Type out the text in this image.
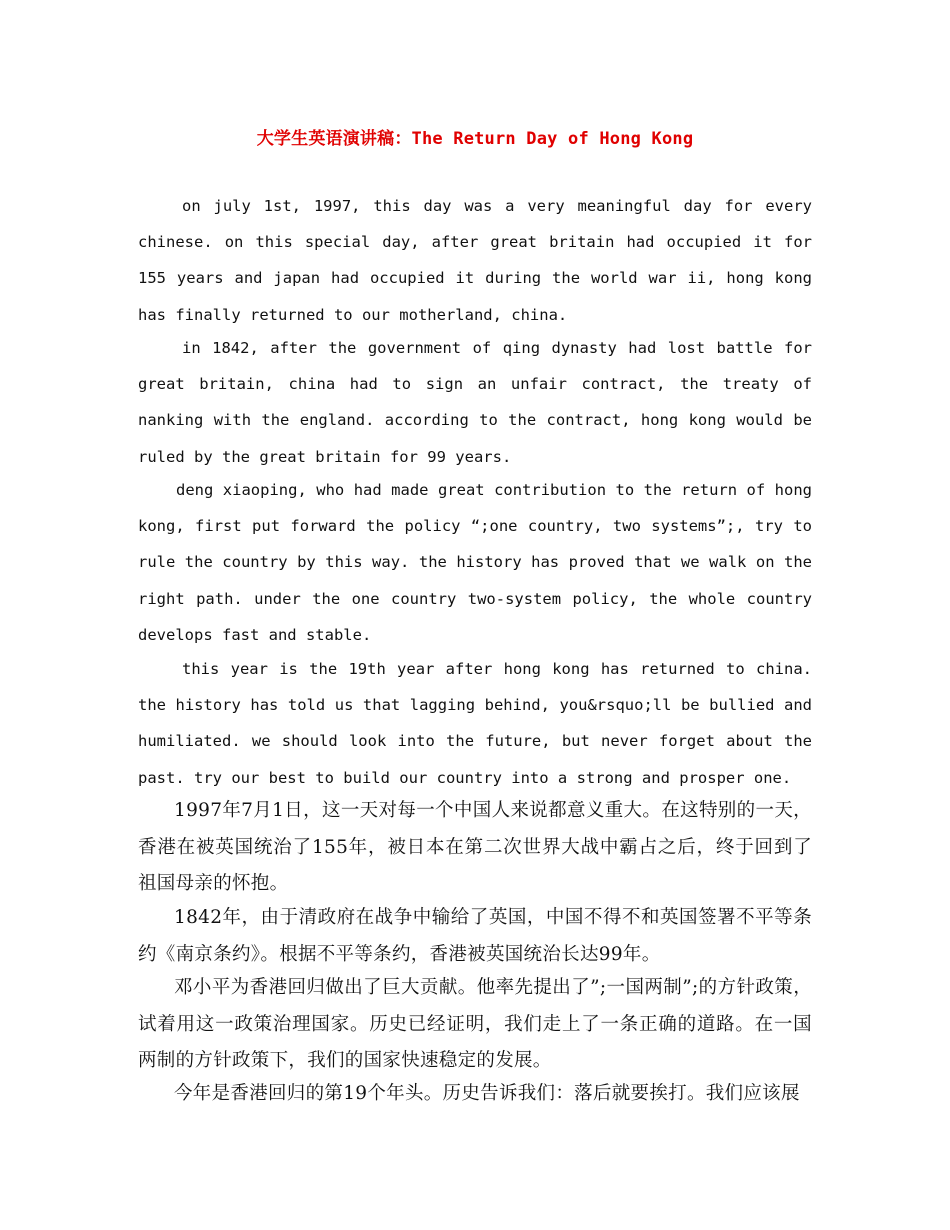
大学生英语演讲稿：The Return Day of Hong Kong

on july 1st, 1997, this day was a very meaningful day for every chinese. on this special day, after great britain had occupied it for 155 years and japan had occupied it during the world war ii, hong kong has finally returned to our motherland, china.

in 1842, after the government of qing dynasty had lost battle for great britain, china had to sign an unfair contract, the treaty of nanking with the england. according to the contract, hong kong would be ruled by the great britain for 99 years.

deng xiaoping, who had made great contribution to the return of hong kong, first put forward the policy “;one country, two systems”;, try to rule the country by this way. the history has proved that we walk on the right path. under the one country two-system policy, the whole country develops fast and stable.

this year is the 19th year after hong kong has returned to china. the history has told us that lagging behind, you&rsquo;ll be bullied and humiliated. we should look into the future, but never forget about the past. try our best to build our country into a strong and prosper one.

1997年7月1日，这一天对每一个中国人来说都意义重大。在这特别的一天，香港在被英国统治了155年，被日本在第二次世界大战中霸占之后，终于回到了祖国母亲的怀抱。

1842年，由于清政府在战争中输给了英国，中国不得不和英国签署不平等条约《南京条约》。根据不平等条约，香港被英国统治长达99年。

邓小平为香港回归做出了巨大贡献。他率先提出了”;一国两制”;的方针政策，试着用这一政策治理国家。历史已经证明，我们走上了一条正确的道路。在一国两制的方针政策下，我们的国家快速稳定的发展。

今年是香港回归的第19个年头。历史告诉我们：落后就要挨打。我们应该展
